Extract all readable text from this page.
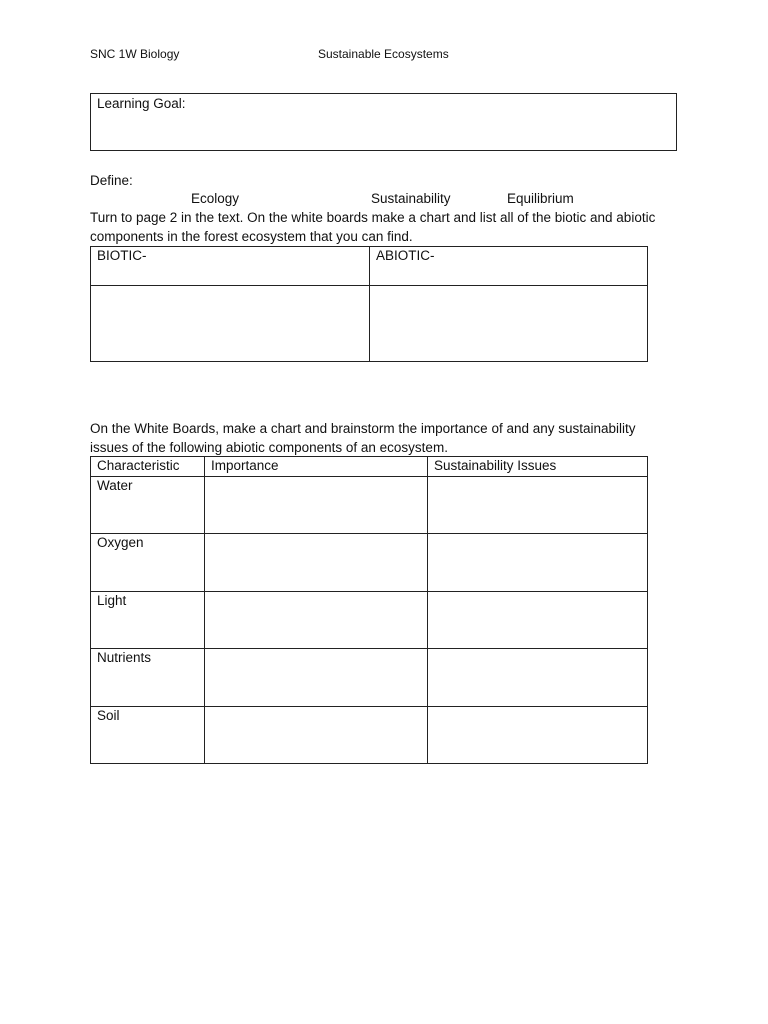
SNC 1W Biology	Sustainable Ecosystems
Learning Goal:
Define:
Ecology	Sustainability	Equilibrium
Turn to page 2 in the text. On the white boards make a chart and list all of the biotic and abiotic components in the forest ecosystem that you can find.
BIOTIC-	ABIOTIC-

On the White Boards, make a chart and brainstorm the importance of and any sustainability issues of the following abiotic components of an ecosystem.
Characteristic	Importance	Sustainability Issues
Water		
Oxygen		
Light		
Nutrients		
Soil		
